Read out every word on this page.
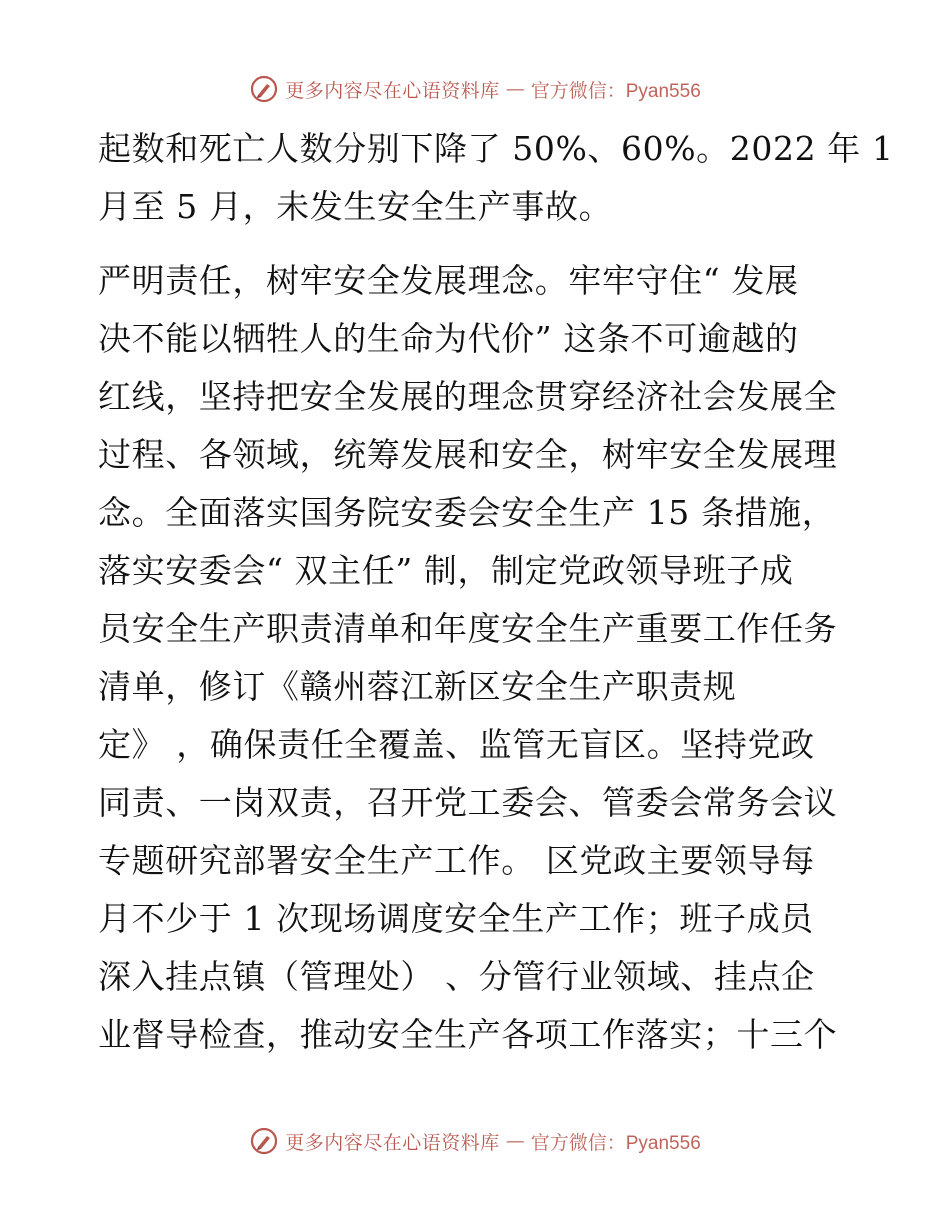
更多内容尽在心语资料库 — 官方微信：Pyan556
起数和死亡人数分别下降了 50%、60%。2022 年 1
月至 5 月，未发生安全生产事故。
严明责任，树牢安全发展理念。牢牢守住“ 发展
决不能以牺牲人的生命为代价” 这条不可逾越的
红线，坚持把安全发展的理念贯穿经济社会发展全
过程、各领域，统筹发展和安全，树牢安全发展理
念。全面落实国务院安委会安全生产 15 条措施，
落实安委会“ 双主任” 制，制定党政领导班子成
员安全生产职责清单和年度安全生产重要工作任务
清单，修订《赣州蓉江新区安全生产职责规
定》 ，确保责任全覆盖、监管无盲区。坚持党政
同责、一岗双责，召开党工委会、管委会常务会议
专题研究部署安全生产工作。 区党政主要领导每
月不少于 1 次现场调度安全生产工作；班子成员
深入挂点镇（管理处） 、分管行业领域、挂点企
业督导检查，推动安全生产各项工作落实；十三个
更多内容尽在心语资料库 — 官方微信：Pyan556
